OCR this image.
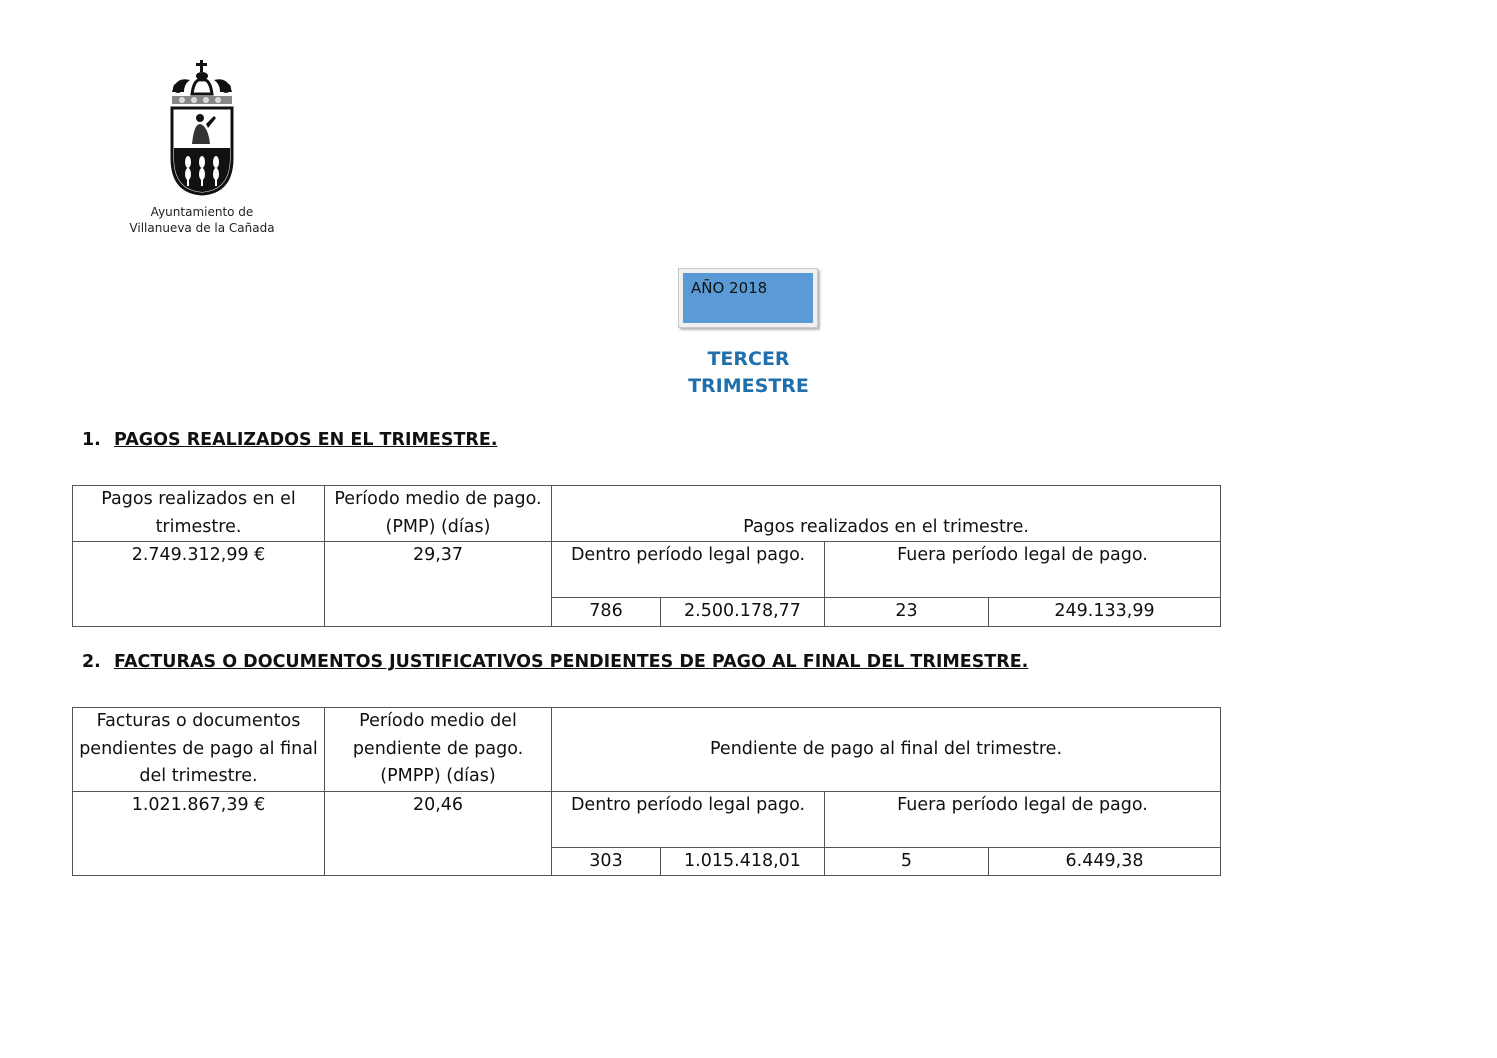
Ayuntamiento de
Villanueva de la Cañada
AÑO 2018
TERCER
TRIMESTRE
1. PAGOS REALIZADOS EN EL TRIMESTRE.
Pagos realizados en el trimestre.	Período medio de pago. (PMP) (días)	Pagos realizados en el trimestre.			
2.749.312,99 €	29,37	Dentro período legal pago.		Fuera período legal de pago.	
		786	2.500.178,77	23	249.133,99
2. FACTURAS O DOCUMENTOS JUSTIFICATIVOS PENDIENTES DE PAGO AL FINAL DEL TRIMESTRE.
Facturas o documentos pendientes de pago al final del trimestre.	Período medio del pendiente de pago. (PMPP) (días)	Pendiente de pago al final del trimestre.			
1.021.867,39 €	20,46	Dentro período legal pago.		Fuera período legal de pago.	
		303	1.015.418,01	5	6.449,38
